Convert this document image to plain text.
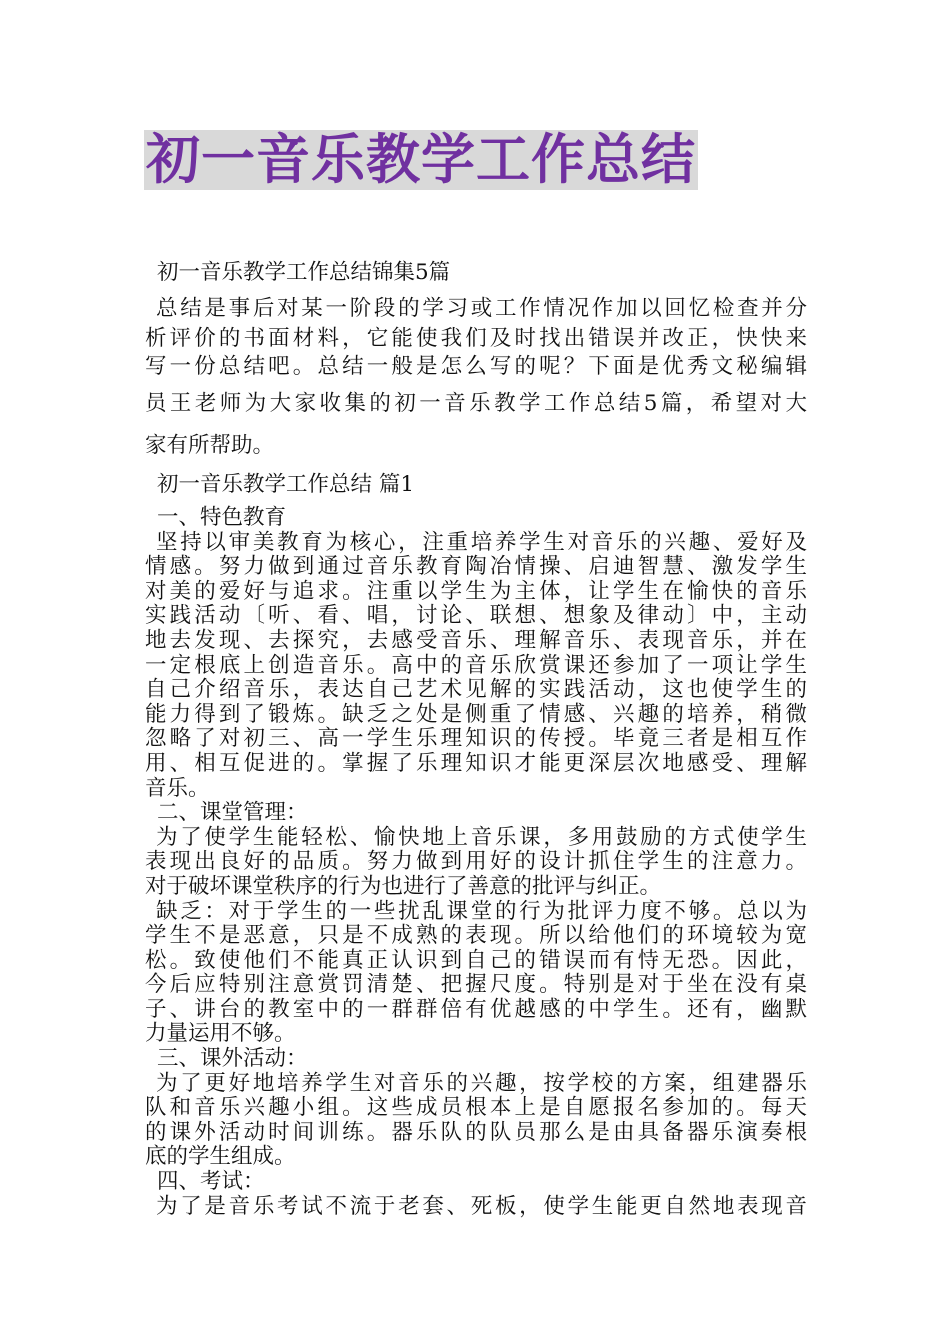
初一音乐教学工作总结
初一音乐教学工作总结锦集5篇
总结是事后对某一阶段的学习或工作情况作加以回忆检查并分
析评价的书面材料，它能使我们及时找出错误并改正，快快来
写一份总结吧。总结一般是怎么写的呢？下面是优秀文秘编辑
员王老师为大家收集的初一音乐教学工作总结5篇，希望对大
家有所帮助。
初一音乐教学工作总结 篇1
一、特色教育
坚持以审美教育为核心，注重培养学生对音乐的兴趣、爱好及
情感。努力做到通过音乐教育陶冶情操、启迪智慧、激发学生
对美的爱好与追求。注重以学生为主体，让学生在愉快的音乐
实践活动〔听、看、唱，讨论、联想、想象及律动〕中，主动
地去发现、去探究，去感受音乐、理解音乐、表现音乐，并在
一定根底上创造音乐。高中的音乐欣赏课还参加了一项让学生
自己介绍音乐，表达自己艺术见解的实践活动，这也使学生的
能力得到了锻炼。缺乏之处是侧重了情感、兴趣的培养，稍微
忽略了对初三、高一学生乐理知识的传授。毕竟三者是相互作
用、相互促进的。掌握了乐理知识才能更深层次地感受、理解
音乐。
二、课堂管理：
为了使学生能轻松、愉快地上音乐课，多用鼓励的方式使学生
表现出良好的品质。努力做到用好的设计抓住学生的注意力。
对于破坏课堂秩序的行为也进行了善意的批评与纠正。
缺乏：对于学生的一些扰乱课堂的行为批评力度不够。总以为
学生不是恶意，只是不成熟的表现。所以给他们的环境较为宽
松。致使他们不能真正认识到自己的错误而有恃无恐。因此，
今后应特别注意赏罚清楚、把握尺度。特别是对于坐在没有桌
子、讲台的教室中的一群群倍有优越感的中学生。还有，幽默
力量运用不够。
三、课外活动：
为了更好地培养学生对音乐的兴趣，按学校的方案，组建器乐
队和音乐兴趣小组。这些成员根本上是自愿报名参加的。每天
的课外活动时间训练。器乐队的队员那么是由具备器乐演奏根
底的学生组成。
四、考试：
为了是音乐考试不流于老套、死板，使学生能更自然地表现音
